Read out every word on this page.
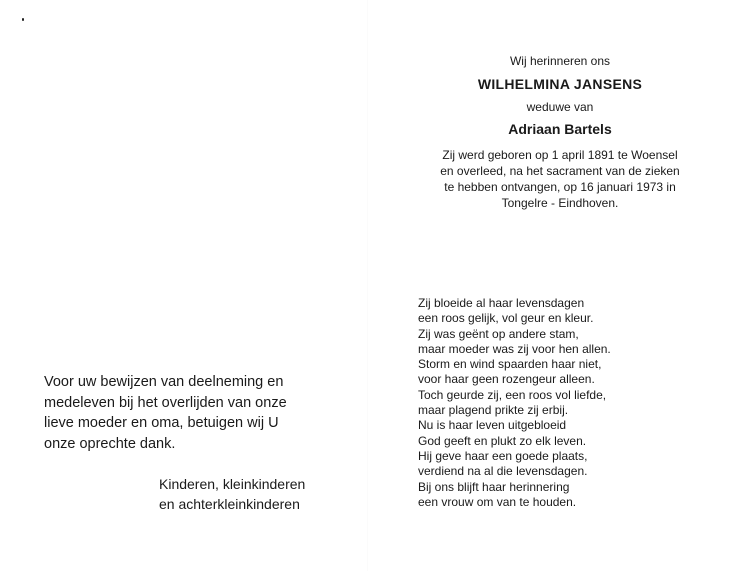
Wij herinneren ons
WILHELMINA JANSENS
weduwe van
Adriaan Bartels
Zij werd geboren op 1 april 1891 te Woensel
en overleed, na het sacrament van de zieken
te hebben ontvangen, op 16 januari 1973 in
Tongelre - Eindhoven.
Zij bloeide al haar levensdagen
een roos gelijk, vol geur en kleur.
Zij was geënt op andere stam,
maar moeder was zij voor hen allen.
Storm en wind spaarden haar niet,
voor haar geen rozengeur alleen.
Toch geurde zij, een roos vol liefde,
maar plagend prikte zij erbij.
Nu is haar leven uitgebloeid
God geeft en plukt zo elk leven.
Hij geve haar een goede plaats,
verdiend na al die levensdagen.
Bij ons blijft haar herinnering
een vrouw om van te houden.
Voor uw bewijzen van deelneming en
medeleven bij het overlijden van onze
lieve moeder en oma, betuigen wij U
onze oprechte dank.
Kinderen, kleinkinderen
en achterkleinkinderen
